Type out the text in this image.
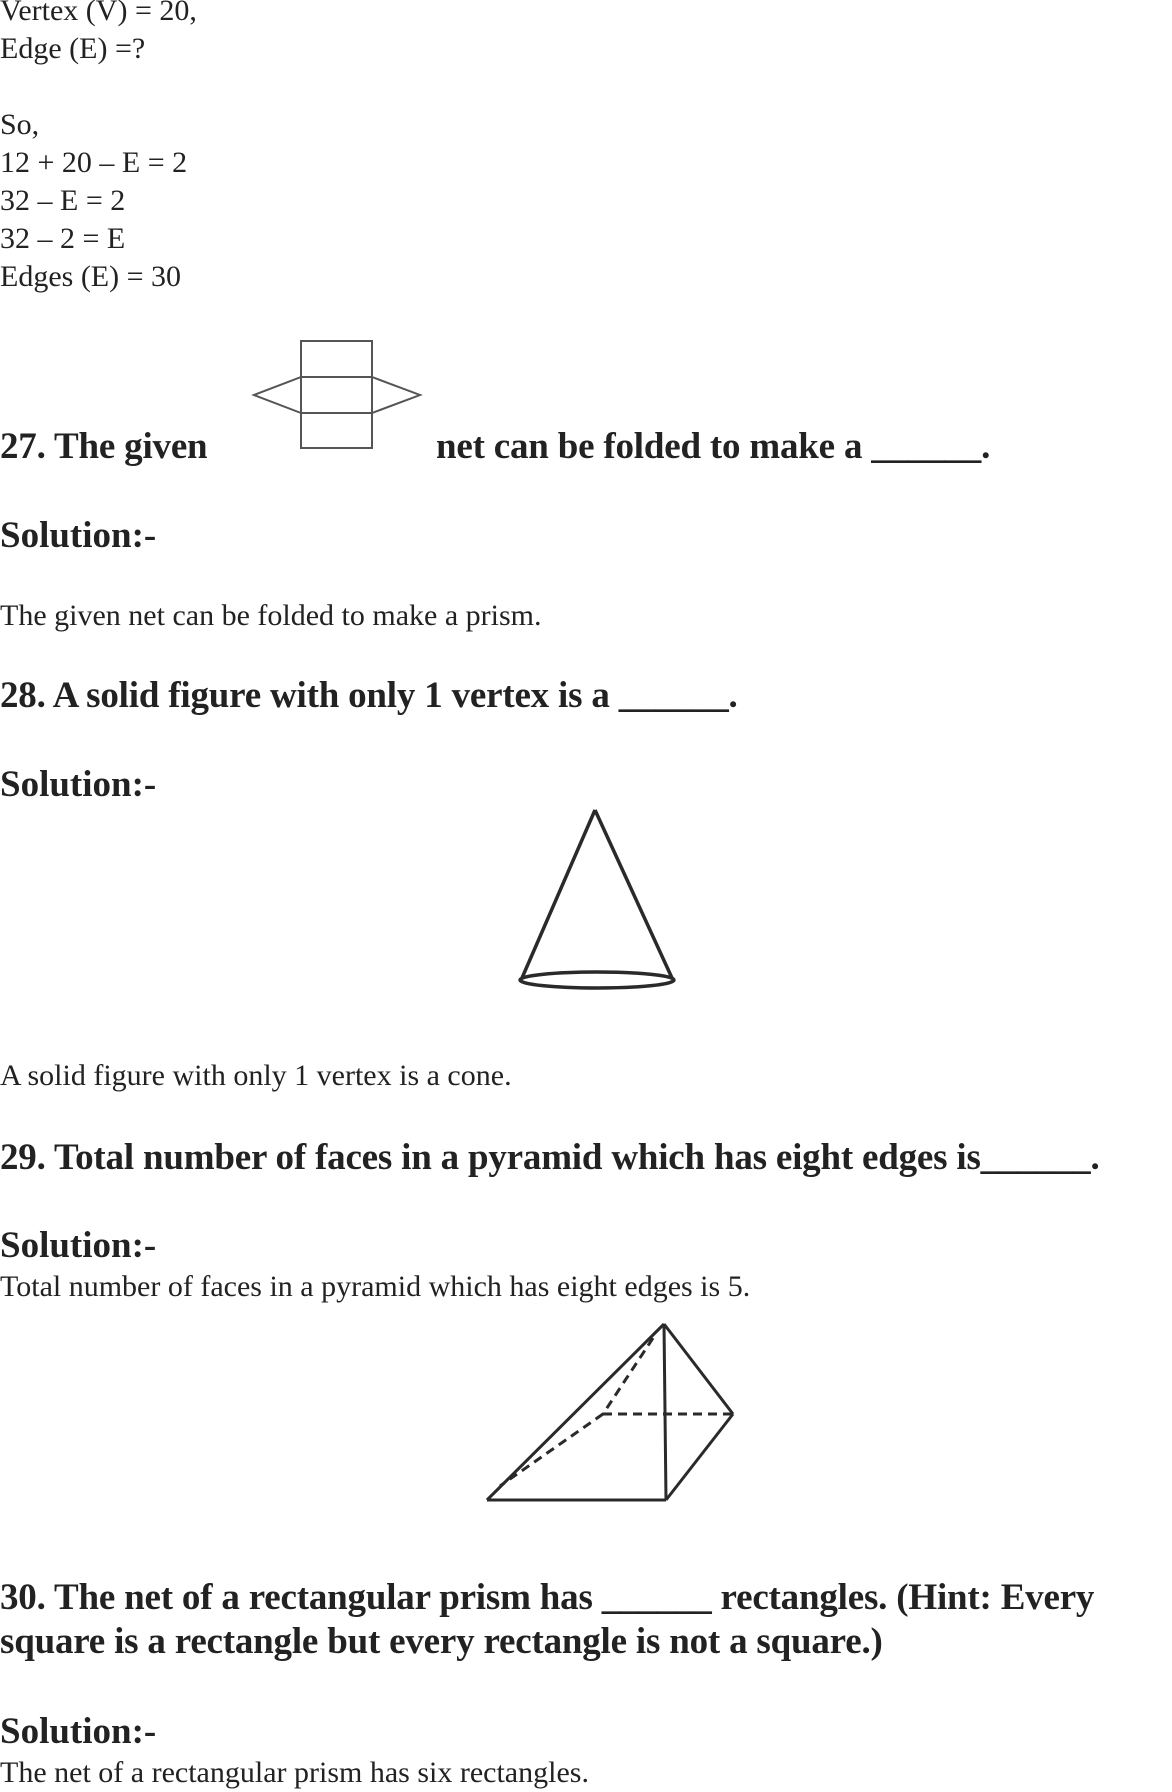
Vertex (V) = 20,
Edge (E) =?
So,
12 + 20 – E = 2
32 – E = 2
32 – 2 = E
Edges (E) = 30
27. The given	net can be folded to make a ______.
Solution:-
The given net can be folded to make a prism.
28. A solid figure with only 1 vertex is a ______.
Solution:-
A solid figure with only 1 vertex is a cone.
29. Total number of faces in a pyramid which has eight edges is______.
Solution:-
Total number of faces in a pyramid which has eight edges is 5.
30. The net of a rectangular prism has ______ rectangles. (Hint: Every
square is a rectangle but every rectangle is not a square.)
Solution:-
The net of a rectangular prism has six rectangles.
